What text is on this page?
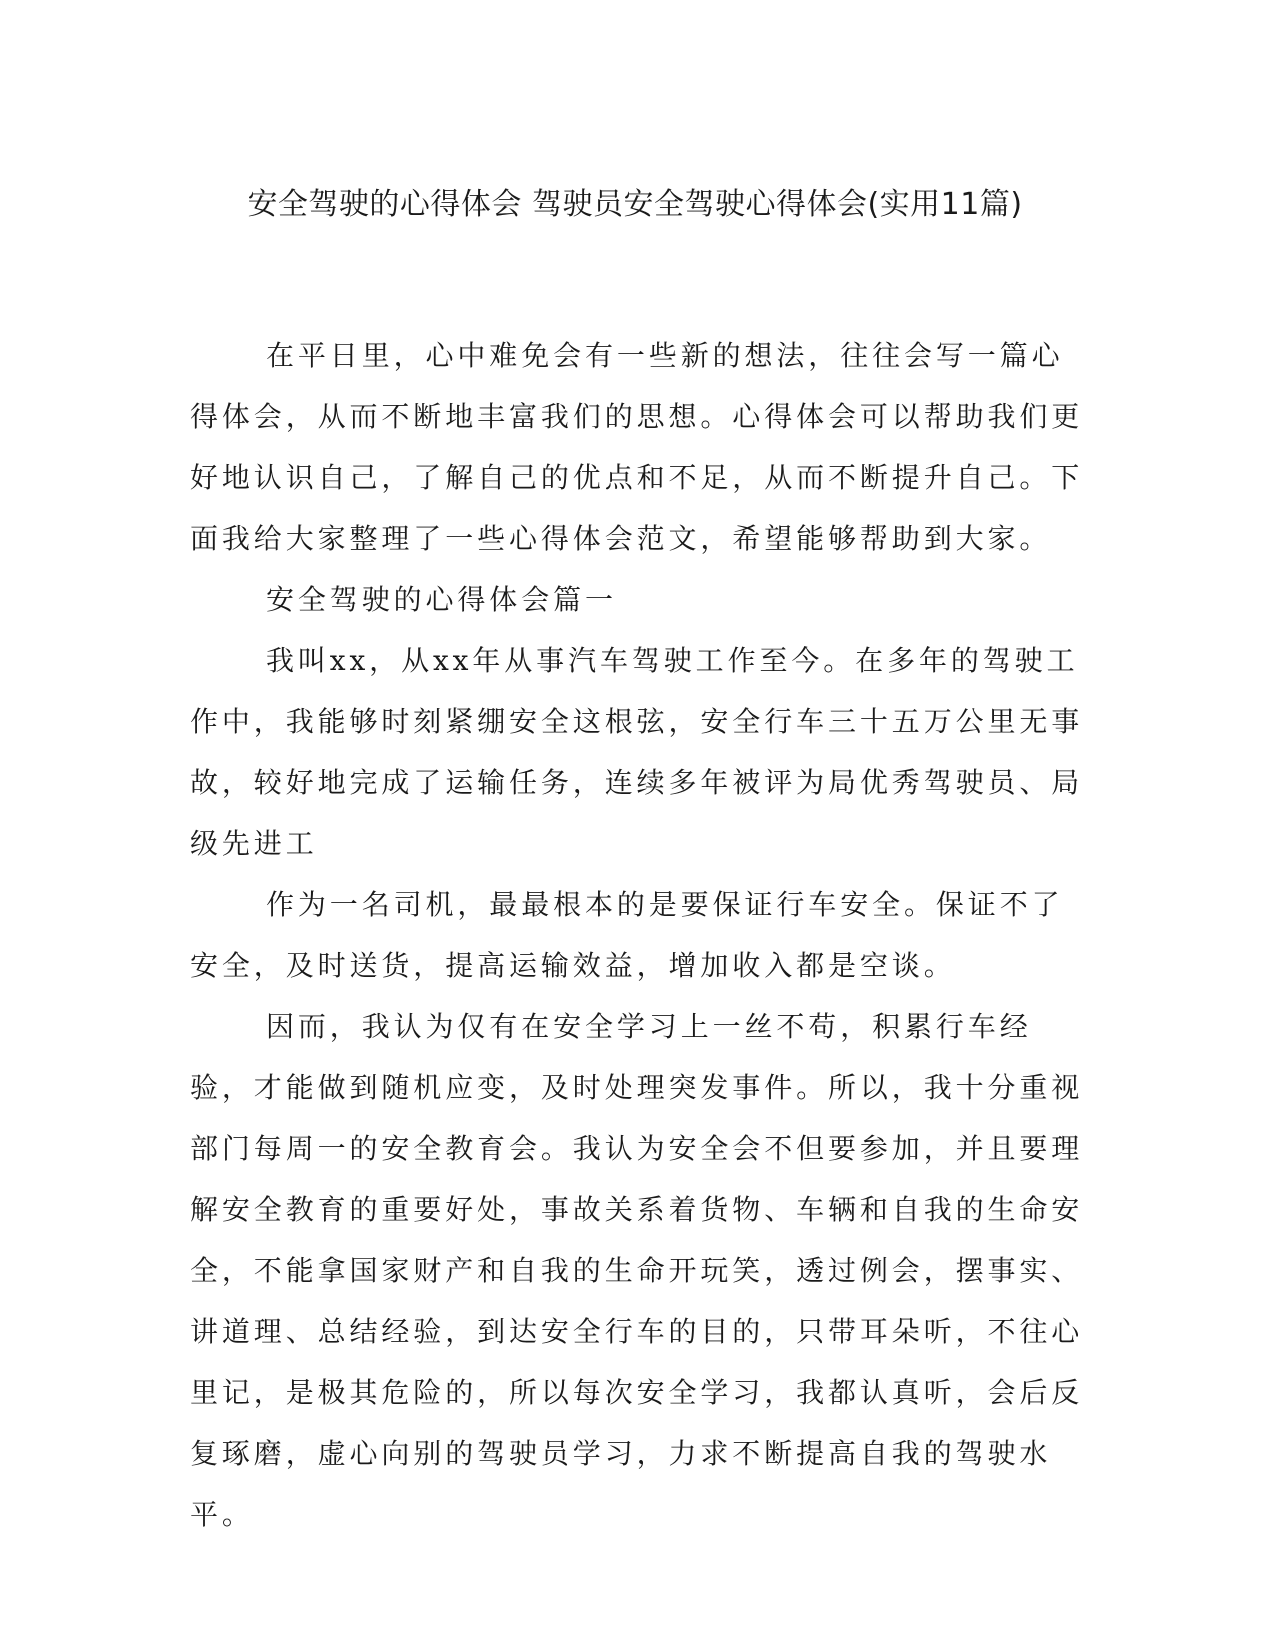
安全驾驶的心得体会 驾驶员安全驾驶心得体会(实用11篇)

在平日里，心中难免会有一些新的想法，往往会写一篇心得体会，从而不断地丰富我们的思想。心得体会可以帮助我们更好地认识自己，了解自己的优点和不足，从而不断提升自己。下面我给大家整理了一些心得体会范文，希望能够帮助到大家。

安全驾驶的心得体会篇一

我叫xx，从xx年从事汽车驾驶工作至今。在多年的驾驶工作中，我能够时刻紧绷安全这根弦，安全行车三十五万公里无事故，较好地完成了运输任务，连续多年被评为局优秀驾驶员、局级先进工

作为一名司机，最最根本的是要保证行车安全。保证不了安全，及时送货，提高运输效益，增加收入都是空谈。

因而，我认为仅有在安全学习上一丝不苟，积累行车经验，才能做到随机应变，及时处理突发事件。所以，我十分重视部门每周一的安全教育会。我认为安全会不但要参加，并且要理解安全教育的重要好处，事故关系着货物、车辆和自我的生命安全，不能拿国家财产和自我的生命开玩笑，透过例会，摆事实、讲道理、总结经验，到达安全行车的目的，只带耳朵听，不往心里记，是极其危险的，所以每次安全学习，我都认真听，会后反复琢磨，虚心向别的驾驶员学习，力求不断提高自我的驾驶水平。
